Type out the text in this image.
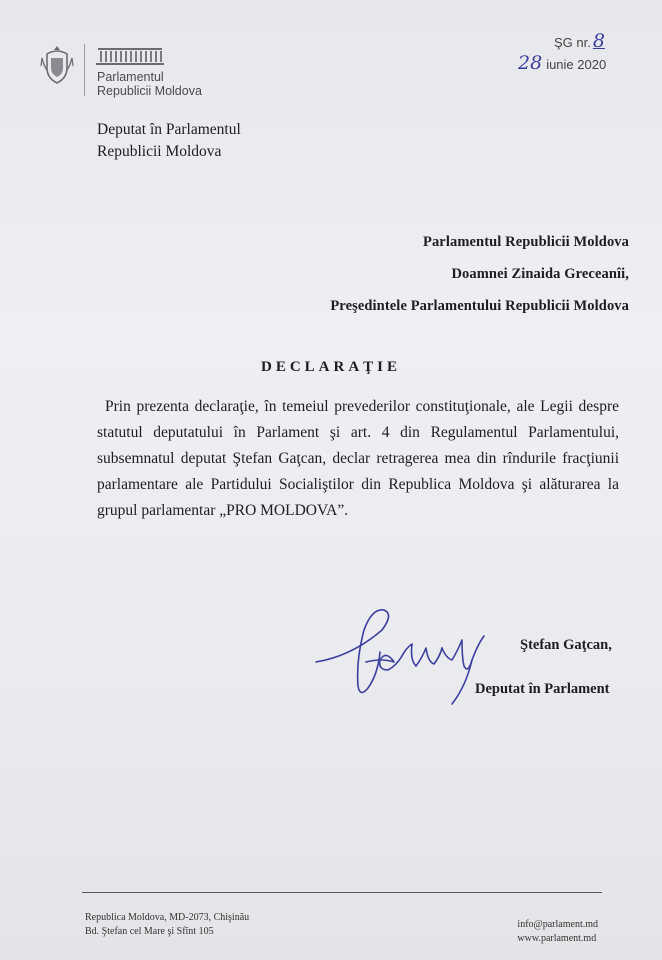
Parlamentul
Republicii Moldova
ŞG nr. 8
28 iunie 2020
Deputat în Parlamentul
Republicii Moldova
Parlamentul Republicii Moldova
Doamnei Zinaida Greceanîi,
Preşedintele Parlamentului Republicii Moldova
DECLARAŢIE
Prin prezenta declaraţie, în temeiul prevederilor constituţionale, ale Legii despre statutul deputatului în Parlament şi art. 4 din Regulamentul Parlamentului, subsemnatul deputat Ştefan Gaţcan, declar retragerea mea din rîndurile fracţiunii parlamentare ale Partidului Socialiştilor din Republica Moldova şi alăturarea la grupul parlamentar „PRO MOLDOVA”.
Ştefan Gaţcan,
Deputat în Parlament
Republica Moldova, MD-2073, Chişinău
Bd. Ştefan cel Mare şi Sfînt 105
info@parlament.md
www.parlament.md
